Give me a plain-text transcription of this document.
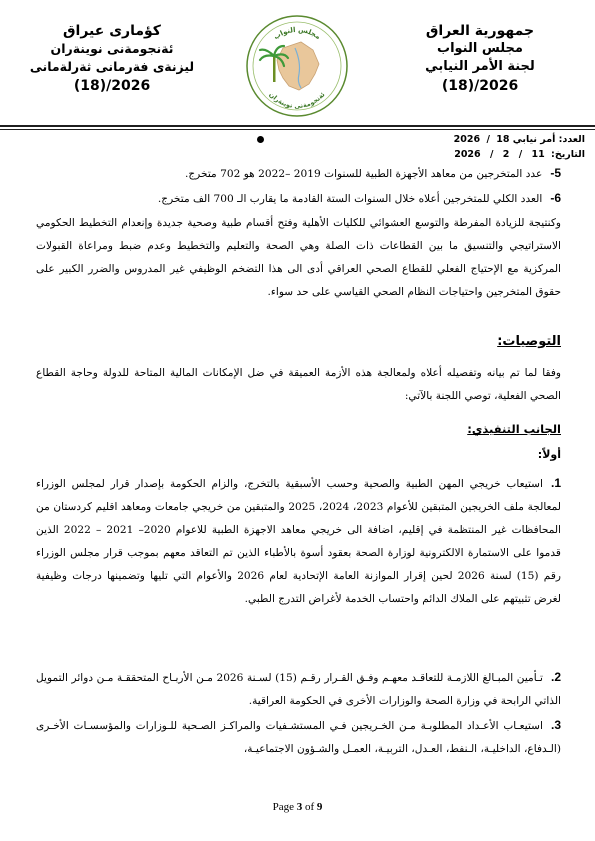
جمهورية العراق
مجلس النواب
لجنة الأمر النيابي
2026/(18)
كؤمارى عيراق
ئةنجومةنى نوينةران
ليزنةى فةرمانى ثةرلةمانى
2026/(18)
مجلس النواب
ئةنجومةنى نوينةران
العدد: أمر نيابي 18 / 2026
التاريخ: 11 / 2 / 2026
5-عدد المتخرجين من معاهد الأجهزة الطبية للسنوات 2019 –2022 هو 702 متخرج.
6-العدد الكلي للمتخرجين أعلاه خلال السنوات الستة القادمة ما يقارب الـ 700 الف متخرج.
وكنتيجة للزيادة المفرطة والتوسع العشوائي للكليات الأهلية وفتح أقسام طبية وصحية جديدة وإنعدام التخطيط الحكومي الاستراتيجي والتنسيق ما بين القطاعات ذات الصلة وهي الصحة والتعليم والتخطيط وعدم ضبط ومراعاة القبولات المركزية مع الإحتياج الفعلي للقطاع الصحي العراقي أدى الى هذا التضخم الوظيفي غير المدروس والضرر الكبير على حقوق المتخرجين واحتياجات النظام الصحي القياسي على حد سواء.
التوصيات:
وفقا لما تم بيانه وتفصيله أعلاه ولمعالجة هذه الأزمة العميقة في ضل الإمكانات المالية المتاحة للدولة وحاجة القطاع الصحي الفعلية، توصي اللجنة بالآتي:
الجانب التنفيذي:
أولاً:
1.استيعاب خريجي المهن الطبية والصحية وحسب الأسبقية بالتخرج، والزام الحكومة بإصدار قرار لمجلس الوزراء لمعالجة ملف الخريجين المتبقين للأعوام 2023، 2024، 2025 والمتبقين من خريجي جامعات ومعاهد اقليم كردستان من المحافظات غير المنتظمة في إقليم، اضافة الى خريجي معاهد الاجهزة الطبية للاعوام 2020– 2021 – 2022 الذين قدموا على الاستمارة الالكترونية لوزارة الصحة بعقود أسوة بالأطباء الذين تم التعاقد معهم بموجب قرار مجلس الوزراء رقم (15) لسنة 2026 لحين إقرار الموازنة العامة الإتحادية لعام 2026 والأعوام التي تليها وتضمينها درجات وظيفية لغرض تثبيتهم على الملاك الدائم واحتساب الخدمة لأغراض التدرج الطبي.
2.تـأمين المبـالغ اللازمـة للتعاقـد معهـم وفـق القـرار رقـم (15) لسـنة 2026 مـن الأربـاح المتحققـة مـن دوائر التمويل الذاتي الرابحة في وزارة الصحة والوزارات الأخرى في الحكومة العراقية.
3.استيعـاب الأعـداد المطلوبـة مـن الخـريجين فـي المستشـفيات والمراكـز الصـحية للـوزارات والمؤسسـات الأخـرى (الـدفاع، الداخليـة، الـنفط، العـدل، التربيـة، العمـل والشـؤون الاجتماعيـة،
Page 3 of 9
